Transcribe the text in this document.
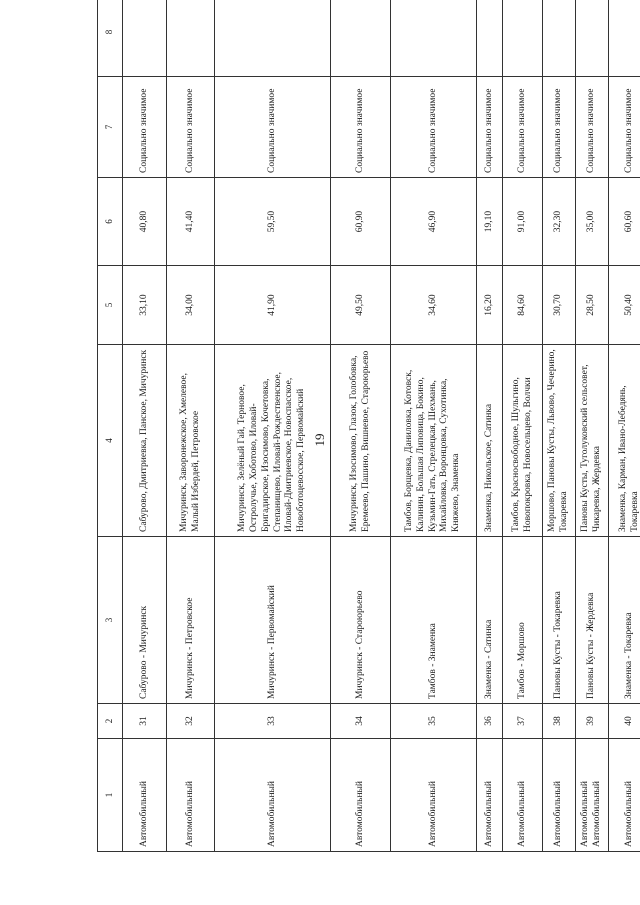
19
1	2	3	4	5	6	7	8
Автомобильный	31	Сабурово - Мичуринск	Сабурово, Дмитриевка, Панское, Мичуринск	33,10	40,80	Социально значимое	
Автомобильный	32	Мичуринск - Петровское	Мичуринск, Заворонежское, Хмелевое, Малый Избердей, Петровское	34,00	41,40	Социально значимое	
Автомобильный	33	Мичуринск - Первомайский	Мичуринск, Зелёный Гай, Терновое, Остролучье, Хоботово, Иловай-Бригадирское, Изосимово, Кочетовка, Степанищево, Иловай-Рождественское, Иловай-Дмитриевское, Новоспасское, Новоботоцевосское, Первомайский	41,90	59,50	Социально значимое	
Автомобильный	34	Мичуринск - Староюрьево	Мичуринск, Изосимово, Глазок, Голобовка, Еремеево, Пашино, Вишневое, Староюрьево	49,50	60,90	Социально значимое	
Автомобильный	35	Тамбов - Знаменка	Тамбов, Борщевка, Даниловка, Котовск, Калинин, Большая Липовица, Бокино, Кузьмин-Гать, Стрелецкая, Шехмань, Михайловка, Воронцовка, Сухотинка, Княжево, Знаменка	34,60	46,90	Социально значимое	
Автомобильный	36	Знаменка - Сатинка	Знаменка, Никольское, Сатинка	16,20	19,10	Социально значимое	
Автомобильный	37	Тамбов - Моршово	Тамбов, Красносвободное, Шульгино, Новопокровка, Новосельцево, Волчки	84,60	91,00	Социально значимое	
Автомобильный	38	Пановы Кусты - Токаревка	Моршово, Пановы Кусты, Львово, Чечерино, Токаревка	30,70	32,30	Социально значимое	
Автомобильный Автомобильный	39	Пановы Кусты - Жердевка	Пановы Кусты, Туголуковский сельсовет, Чикаревка, Жердевка	28,50	35,00	Социально значимое	
Автомобильный	40	Знаменка - Токаревка	Знаменка, Карман, Ивано-Лебедянь, Токаревка	50,40	60,60	Социально значимое	
